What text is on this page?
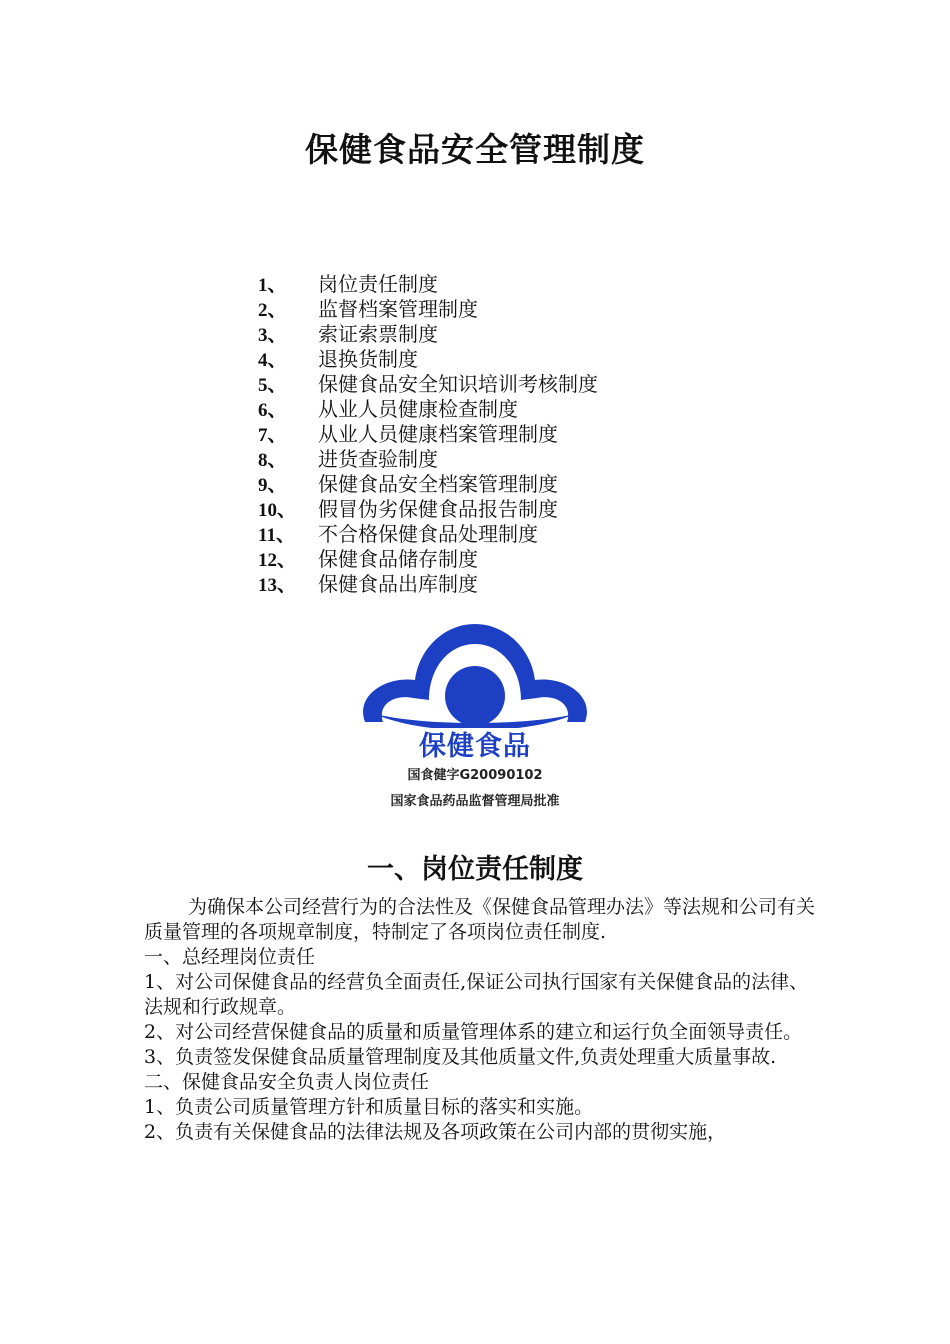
保健食品安全管理制度
1、 岗位责任制度
2、 监督档案管理制度
3、 索证索票制度
4、 退换货制度
5、 保健食品安全知识培训考核制度
6、 从业人员健康检查制度
7、 从业人员健康档案管理制度
8、 进货查验制度
9、 保健食品安全档案管理制度
10、 假冒伪劣保健食品报告制度
11、 不合格保健食品处理制度
12、 保健食品储存制度
13、 保健食品出库制度
保健食品
国食健字G20090102
国家食品药品监督管理局批准
一、岗位责任制度

为确保本公司经营行为的合法性及《保健食品管理办法》等法规和公司有关质量管理的各项规章制度，特制定了各项岗位责任制度.

一、总经理岗位责任

1、对公司保健食品的经营负全面责任,保证公司执行国家有关保健食品的法律、法规和行政规章。

2、对公司经营保健食品的质量和质量管理体系的建立和运行负全面领导责任。

3、负责签发保健食品质量管理制度及其他质量文件,负责处理重大质量事故.

二、保健食品安全负责人岗位责任

1、负责公司质量管理方针和质量目标的落实和实施。

2、负责有关保健食品的法律法规及各项政策在公司内部的贯彻实施，
